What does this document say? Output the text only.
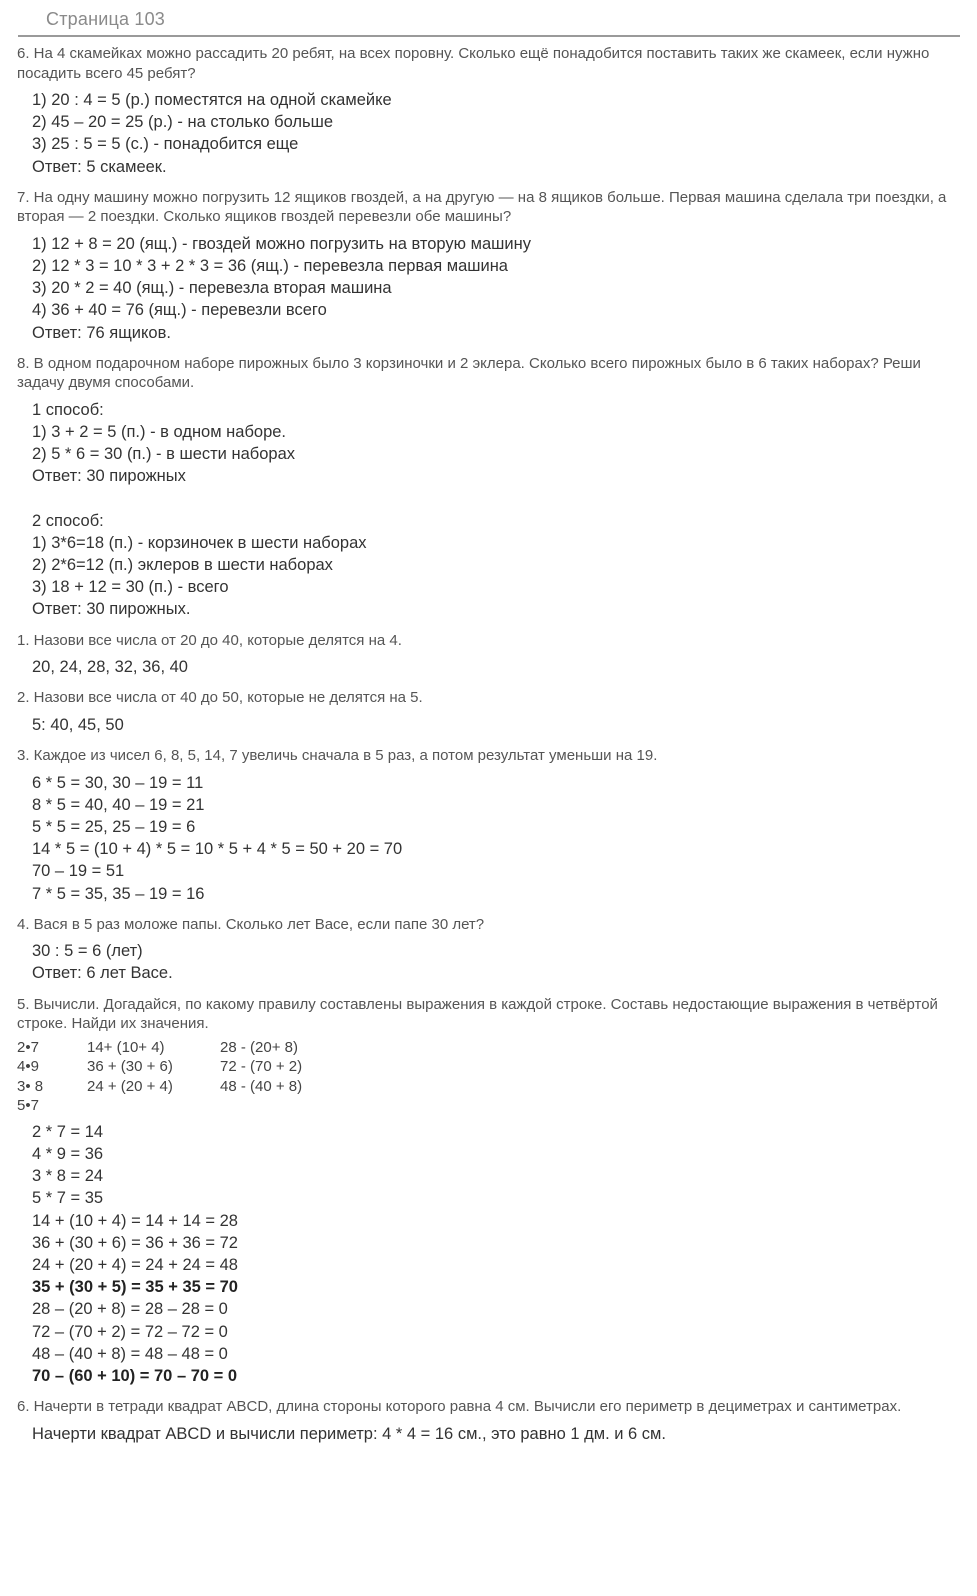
Страница 103

6. На 4 скамейках можно рассадить 20 ребят, на всех поровну. Сколько ещё понадобится поставить таких же скамеек, если нужно посадить всего 45 ребят?

1) 20 : 4 = 5 (р.) поместятся на одной скамейке
2) 45 – 20 = 25 (р.) - на столько больше
3) 25 : 5 = 5 (с.) - понадобится еще
Ответ: 5 скамеек.

7. На одну машину можно погрузить 12 ящиков гвоздей, а на другую — на 8 ящиков больше. Первая машина сделала три поездки, а вторая — 2 поездки. Сколько ящиков гвоздей перевезли обе машины?

1) 12 + 8 = 20 (ящ.) - гвоздей можно погрузить на вторую машину
2) 12 * 3 = 10 * 3 + 2 * 3 = 36 (ящ.) - перевезла первая машина
3) 20 * 2 = 40 (ящ.) - перевезла вторая машина
4) 36 + 40 = 76 (ящ.) - перевезли всего
Ответ: 76 ящиков.

8. В одном подарочном наборе пирожных было 3 корзиночки и 2 эклера. Сколько всего пирожных было в 6 таких наборах? Реши задачу двумя способами.

1 способ:
1) 3 + 2 = 5 (п.) - в одном наборе.
2) 5 * 6 = 30 (п.) - в шести наборах
Ответ: 30 пирожных
2 способ:
1) 3*6=18 (п.) - корзиночек в шести наборах
2) 2*6=12 (п.) эклеров в шести наборах
3) 18 + 12 = 30 (п.) - всего
Ответ: 30 пирожных.

1. Назови все числа от 20 до 40, которые делятся на 4.

20, 24, 28, 32, 36, 40

2. Назови все числа от 40 до 50, которые не делятся на 5.

5: 40, 45, 50

3. Каждое из чисел 6, 8, 5, 14, 7 увеличь сначала в 5 раз, а потом результат уменьши на 19.

6 * 5 = 30, 30 – 19 = 11
8 * 5 = 40, 40 – 19 = 21
5 * 5 = 25, 25 – 19 = 6
14 * 5 = (10 + 4) * 5 = 10 * 5 + 4 * 5 = 50 + 20 = 70
70 – 19 = 51
7 * 5 = 35, 35 – 19 = 16

4. Вася в 5 раз моложе папы. Сколько лет Васе, если папе 30 лет?

30 : 5 = 6 (лет)
Ответ: 6 лет Васе.

5. Вычисли. Догадайся, по какому правилу составлены выражения в каждой строке. Составь недостающие выражения в четвёртой строке. Найди их значения.

2•7	14+ (10+ 4)	28 - (20+ 8)
4•9	36 + (30 + 6)	72 - (70 + 2)
3• 8	24 + (20 + 4)	48 - (40 + 8)
5•7		
2 * 7 = 14
4 * 9 = 36
3 * 8 = 24
5 * 7 = 35
14 + (10 + 4) = 14 + 14 = 28
36 + (30 + 6) = 36 + 36 = 72
24 + (20 + 4) = 24 + 24 = 48
35 + (30 + 5) = 35 + 35 = 70
28 – (20 + 8) = 28 – 28 = 0
72 – (70 + 2) = 72 – 72 = 0
48 – (40 + 8) = 48 – 48 = 0
70 – (60 + 10) = 70 – 70 = 0

6. Начерти в тетради квадрат ABCD, длина стороны которого равна 4 см. Вычисли его периметр в дециметрах и сантиметрах.

Начерти квадрат ABCD и вычисли периметр: 4 * 4 = 16 см., это равно 1 дм. и 6 см.
